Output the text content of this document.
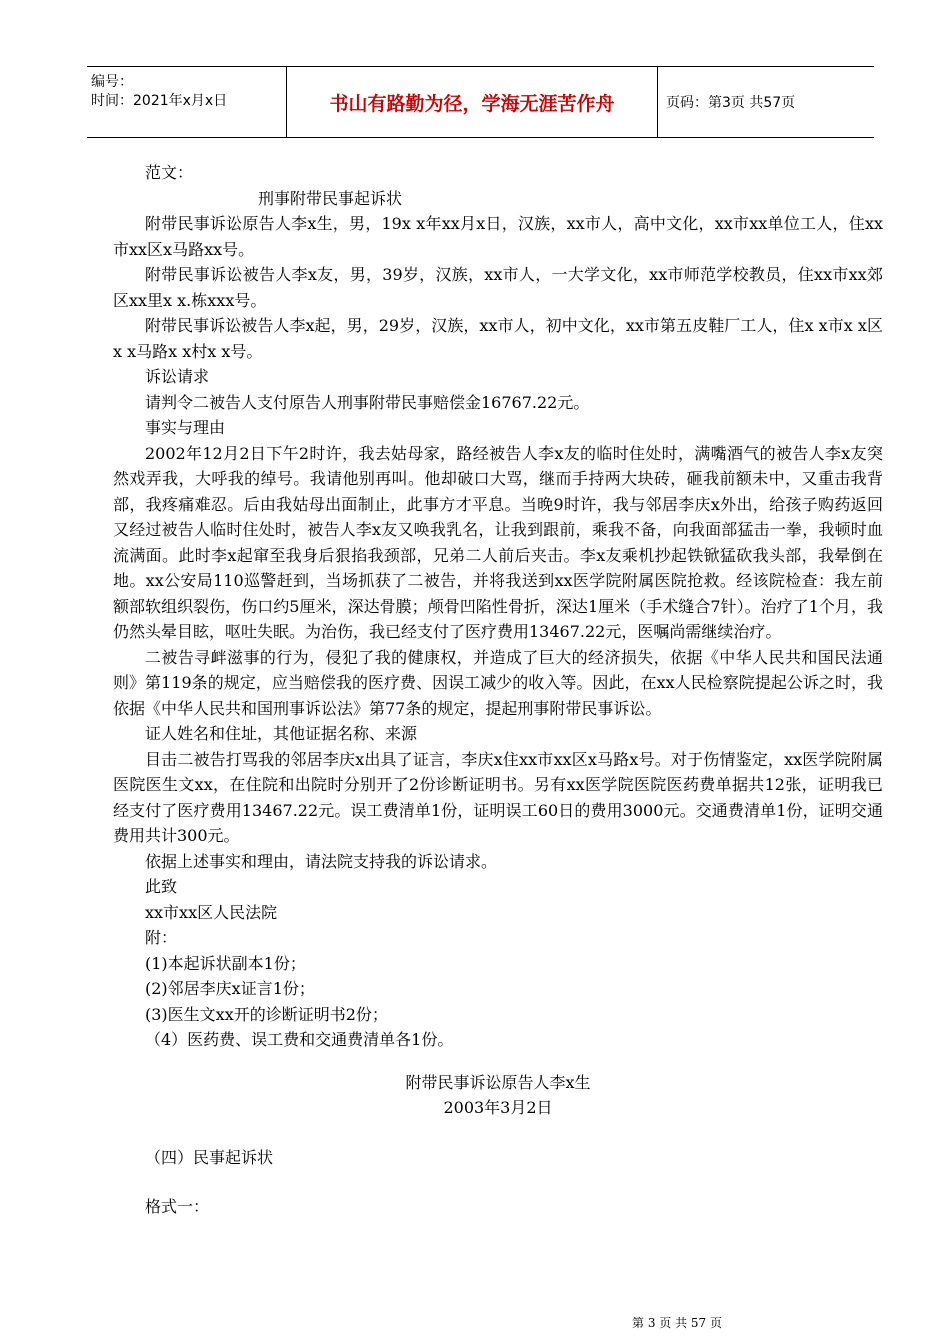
编号：
时间：2021年x月x日	书山有路勤为径，学海无涯苦作舟	页码：第3页 共57页

范文：

刑事附带民事起诉状

附带民事诉讼原告人李x生，男，19x x年xx月x日，汉族，xx市人，高中文化，xx市xx单位工人，住xx市xx区x马路xx号。

附带民事诉讼被告人李x友，男，39岁，汉族，xx市人，一大学文化，xx市师范学校教员，住xx市xx郊区xx里x x.栋xxx号。

附带民事诉讼被告人李x起，男，29岁，汉族，xx市人，初中文化，xx市第五皮鞋厂工人，住x x市x x区x x马路x x村x x号。

诉讼请求

请判令二被告人支付原告人刑事附带民事赔偿金16767.22元。

事实与理由

2002年12月2日下午2时许，我去姑母家，路经被告人李x友的临时住处时，满嘴酒气的被告人李x友突然戏弄我，大呼我的绰号。我请他别再叫。他却破口大骂，继而手持两大块砖，砸我前额未中，又重击我背部，我疼痛难忍。后由我姑母出面制止，此事方才平息。当晚9时许，我与邻居李庆x外出，给孩子购药返回又经过被告人临时住处时，被告人李x友又唤我乳名，让我到跟前，乘我不备，向我面部猛击一拳，我顿时血流满面。此时李x起窜至我身后狠掐我颈部，兄弟二人前后夹击。李x友乘机抄起铁锨猛砍我头部，我晕倒在地。xx公安局110巡警赶到，当场抓获了二被告，并将我送到xx医学院附属医院抢救。经该院检查：我左前额部软组织裂伤，伤口约5厘米，深达骨膜；颅骨凹陷性骨折，深达1厘米（手术缝合7针）。治疗了1个月，我仍然头晕目眩，呕吐失眠。为治伤，我已经支付了医疗费用13467.22元，医嘱尚需继续治疗。

二被告寻衅滋事的行为，侵犯了我的健康权，并造成了巨大的经济损失，依据《中华人民共和国民法通则》第119条的规定，应当赔偿我的医疗费、因误工减少的收入等。因此，在xx人民检察院提起公诉之时，我依据《中华人民共和国刑事诉讼法》第77条的规定，提起刑事附带民事诉讼。

证人姓名和住址，其他证据名称、来源

目击二被告打骂我的邻居李庆x出具了证言，李庆x住xx市xx区x马路x号。对于伤情鉴定，xx医学院附属医院医生文xx，在住院和出院时分别开了2份诊断证明书。另有xx医学院医院医药费单据共12张，证明我已经支付了医疗费用13467.22元。误工费清单1份，证明误工60日的费用3000元。交通费清单1份，证明交通费用共计300元。

依据上述事实和理由，请法院支持我的诉讼请求。

此致

xx市xx区人民法院

附：

(1)本起诉状副本1份；

(2)邻居李庆x证言1份；

(3)医生文xx开的诊断证明书2份；

（4）医药费、误工费和交通费清单各1份。

附带民事诉讼原告人李x生

2003年3月2日

（四）民事起诉状

格式一：

第 3 页 共 57 页
